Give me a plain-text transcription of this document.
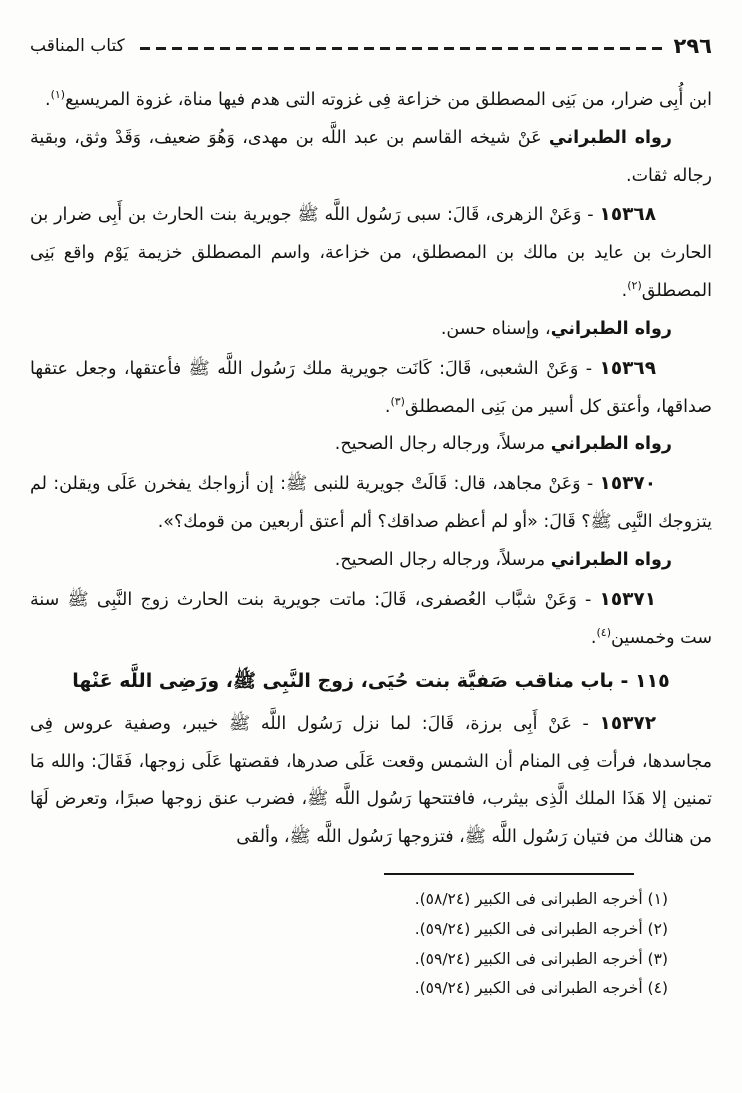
٢٩٦
كتاب المناقب

ابن أُبِى ضرار، من بَنِى المصطلق من خزاعة فِى غزوته التى هدم فيها مناة، غزوة المريسيع$^{(١)}$.

رواه الطبراني عَنْ شيخه القاسم بن عبد اللَّه بن مهدى، وَهُوَ ضعيف، وَقَدْ وثق، وبقية رجاله ثقات.

١٥٣٦٨ - وَعَنْ الزهرى، قَالَ: سبى رَسُول اللَّه ﷺ جويرية بنت الحارث بن أَبِى ضرار بن الحارث بن عايد بن مالك بن المصطلق، من خزاعة، واسم المصطلق خزيمة يَوْم واقع بَنِى المصطلق$^{(٢)}$.

رواه الطبراني، وإسناه حسن.

١٥٣٦٩ - وَعَنْ الشعبى، قَالَ: كَانَت جويرية ملك رَسُول اللَّه ﷺ فأعتقها، وجعل عتقها صداقها، وأعتق كل أسير من بَنِى المصطلق$^{(٣)}$.

رواه الطبراني مرسلاً، ورجاله رجال الصحيح.

١٥٣٧٠ - وَعَنْ مجاهد، قال: قَالَتْ جويرية للنبى ﷺ: إن أزواجك يفخرن عَلَى ويقلن: لم يتزوجك النَّبِى ﷺ؟ قَالَ: «أو لم أعظم صداقك؟ ألم أعتق أربعين من قومك؟».

رواه الطبراني مرسلاً، ورجاله رجال الصحيح.

١٥٣٧١ - وَعَنْ شبَّاب العُصفرى، قَالَ: ماتت جويرية بنت الحارث زوج النَّبِى ﷺ سنة ست وخمسين$^{(٤)}$.

١١٥ - باب مناقب صَفيَّة بنت حُيَى، زوج النَّبِى ﷺ، ورَضِى اللَّه عَنْها

١٥٣٧٢ - عَنْ أَبِى برزة، قَالَ: لما نزل رَسُول اللَّه ﷺ خيبر، وصفية عروس فِى مجاسدها، فرأت فِى المنام أن الشمس وقعت عَلَى صدرها، فقصتها عَلَى زوجها، فَقَالَ: والله مَا تمنين إلا هَذَا الملك الَّذِى بيثرب، فافتتحها رَسُول اللَّه ﷺ، فضرب عنق زوجها صبرًا، وتعرض لَهَا من هنالك من فتيان رَسُول اللَّه ﷺ، فتزوجها رَسُول اللَّه ﷺ، وألقى

(١) أخرجه الطبرانى فى الكبير (٥٨/٢٤).

(٢) أخرجه الطبرانى فى الكبير (٥٩/٢٤).

(٣) أخرجه الطبرانى فى الكبير (٥٩/٢٤).

(٤) أخرجه الطبرانى فى الكبير (٥٩/٢٤).
